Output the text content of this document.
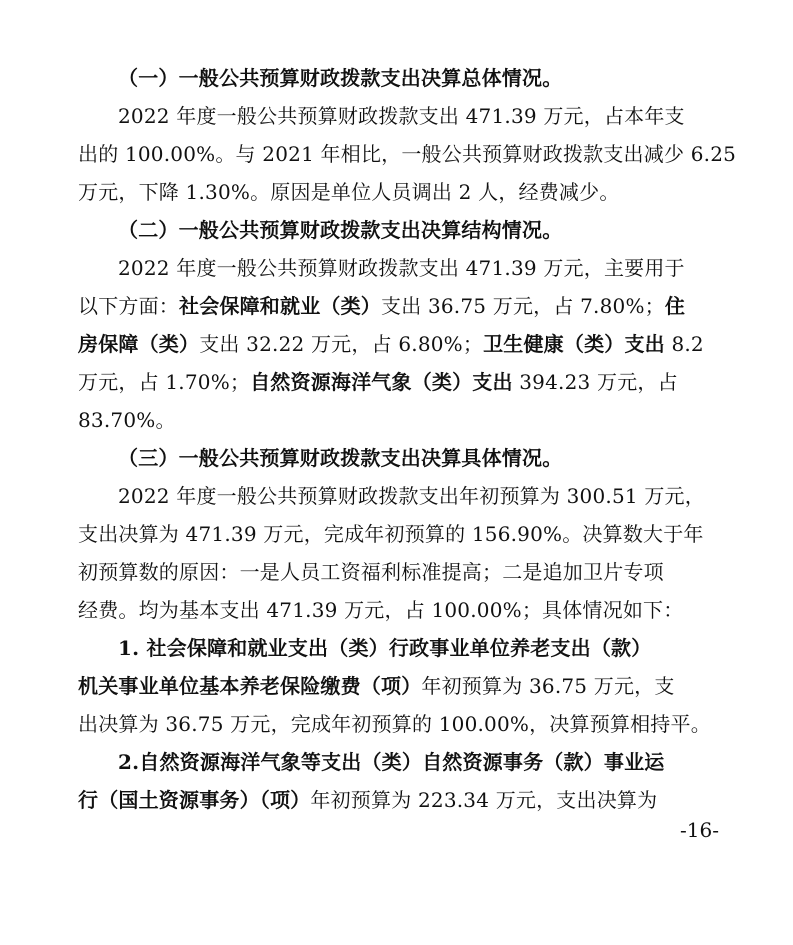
（一）一般公共预算财政拨款支出决算总体情况。
2022 年度一般公共预算财政拨款支出 471.39 万元，占本年支
出的 100.00%。与 2021 年相比，一般公共预算财政拨款支出减少 6.25
万元，下降 1.30%。原因是单位人员调出 2 人，经费减少。
（二）一般公共预算财政拨款支出决算结构情况。
2022 年度一般公共预算财政拨款支出 471.39 万元，主要用于
以下方面：社会保障和就业（类）支出 36.75 万元，占 7.80%；住
房保障（类）支出 32.22 万元，占 6.80%；卫生健康（类）支出 8.2
万元，占 1.70%；自然资源海洋气象（类）支出 394.23 万元，占
83.70%。
（三）一般公共预算财政拨款支出决算具体情况。
2022 年度一般公共预算财政拨款支出年初预算为 300.51 万元，
支出决算为 471.39 万元，完成年初预算的 156.90%。决算数大于年
初预算数的原因：一是人员工资福利标准提高；二是追加卫片专项
经费。均为基本支出 471.39 万元，占 100.00%；具体情况如下：
1. 社会保障和就业支出（类）行政事业单位养老支出（款）
机关事业单位基本养老保险缴费（项）年初预算为 36.75 万元，支
出决算为 36.75 万元，完成年初预算的 100.00%，决算预算相持平。
2.自然资源海洋气象等支出（类）自然资源事务（款）事业运
行（国土资源事务）（项）年初预算为 223.34 万元，支出决算为
-16-
